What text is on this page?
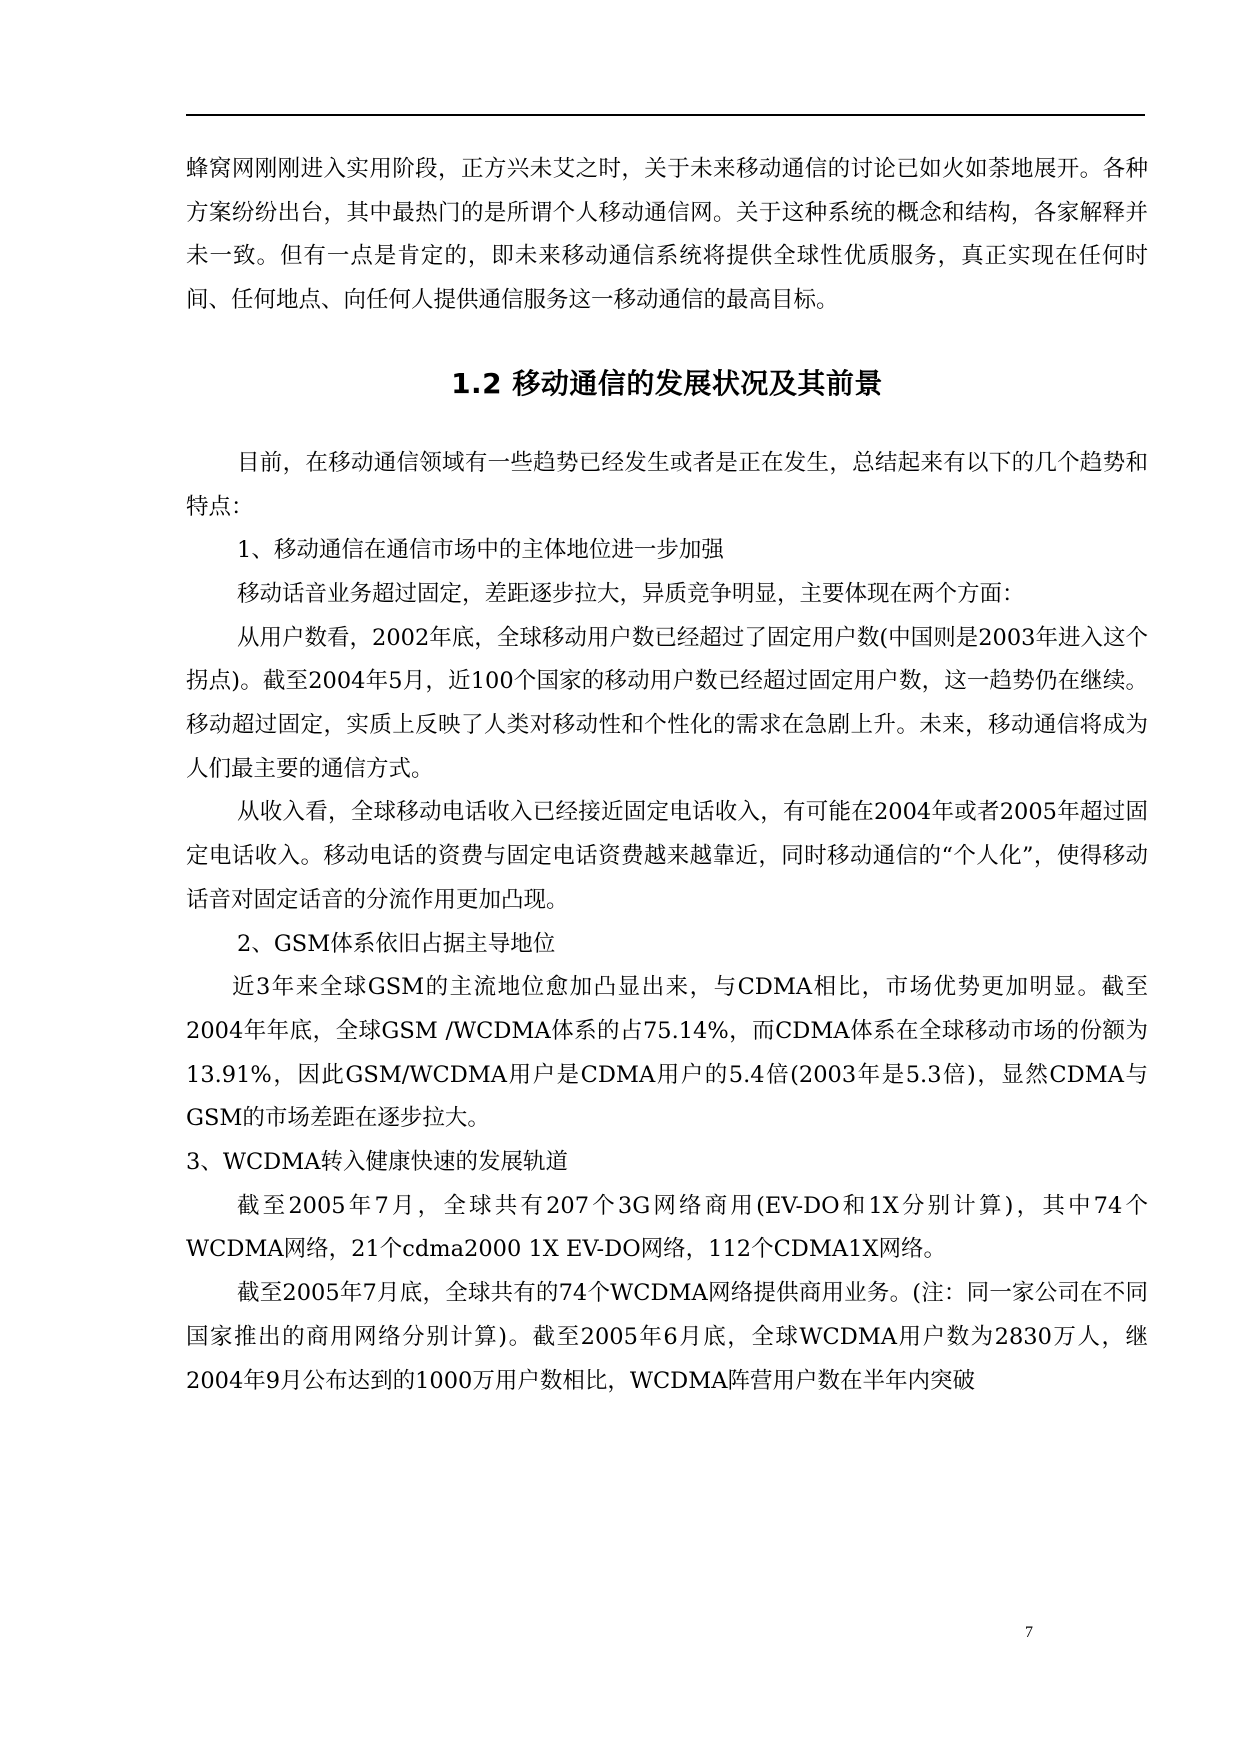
蜂窝网刚刚进入实用阶段，正方兴未艾之时，关于未来移动通信的讨论已如火如荼地展开。各种方案纷纷出台，其中最热门的是所谓个人移动通信网。关于这种系统的概念和结构，各家解释并未一致。但有一点是肯定的，即未来移动通信系统将提供全球性优质服务，真正实现在任何时间、任何地点、向任何人提供通信服务这一移动通信的最高目标。

1.2 移动通信的发展状况及其前景

目前，在移动通信领域有一些趋势已经发生或者是正在发生，总结起来有以下的几个趋势和特点：

1、移动通信在通信市场中的主体地位进一步加强

移动话音业务超过固定，差距逐步拉大，异质竞争明显，主要体现在两个方面：

从用户数看，2002年底，全球移动用户数已经超过了固定用户数(中国则是2003年进入这个拐点)。截至2004年5月，近100个国家的移动用户数已经超过固定用户数，这一趋势仍在继续。移动超过固定，实质上反映了人类对移动性和个性化的需求在急剧上升。未来，移动通信将成为人们最主要的通信方式。

从收入看，全球移动电话收入已经接近固定电话收入，有可能在2004年或者2005年超过固定电话收入。移动电话的资费与固定电话资费越来越靠近，同时移动通信的“个人化”，使得移动话音对固定话音的分流作用更加凸现。

2、GSM体系依旧占据主导地位

近3年来全球GSM的主流地位愈加凸显出来，与CDMA相比，市场优势更加明显。截至2004年年底，全球GSM /WCDMA体系的占75.14%，而CDMA体系在全球移动市场的份额为13.91%，因此GSM/WCDMA用户是CDMA用户的5.4倍(2003年是5.3倍)，显然CDMA与GSM的市场差距在逐步拉大。

3、WCDMA转入健康快速的发展轨道

截至2005年7月，全球共有207个3G网络商用(EV-DO和1X分别计算)，其中74个WCDMA网络，21个cdma2000 1X EV-DO网络，112个CDMA1X网络。

截至2005年7月底，全球共有的74个WCDMA网络提供商用业务。(注：同一家公司在不同国家推出的商用网络分别计算)。截至2005年6月底，全球WCDMA用户数为2830万人，继2004年9月公布达到的1000万用户数相比，WCDMA阵营用户数在半年内突破

7
